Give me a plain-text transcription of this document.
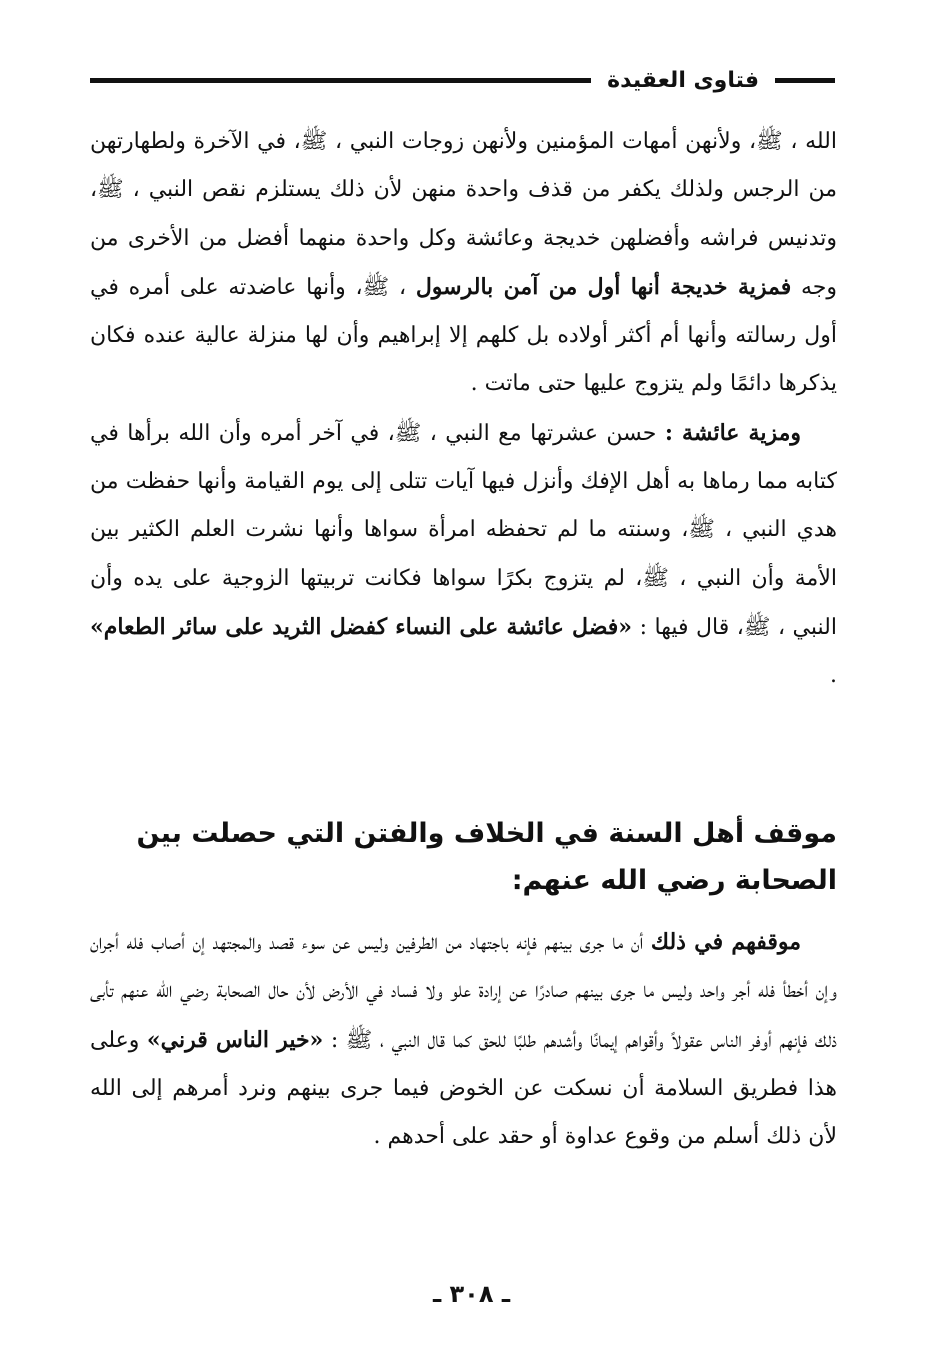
فتاوى العقيدة

الله ، ﷺ، ولأنهن أمهات المؤمنين ولأنهن زوجات النبي ، ﷺ، في الآخرة ولطهارتهن من الرجس ولذلك يكفر من قذف واحدة منهن لأن ذلك يستلزم نقص النبي ، ﷺ، وتدنيس فراشه وأفضلهن خديجة وعائشة وكل واحدة منهما أفضل من الأخرى من وجه فمزية خديجة أنها أول من آمن بالرسول ، ﷺ، وأنها عاضدته على أمره في أول رسالته وأنها أم أكثر أولاده بل كلهم إلا إبراهيم وأن لها منزلة عالية عنده فكان يذكرها دائمًا ولم يتزوج عليها حتى ماتت .

ومزية عائشة : حسن عشرتها مع النبي ، ﷺ، في آخر أمره وأن الله برأها في كتابه مما رماها به أهل الإفك وأنزل فيها آيات تتلى إلى يوم القيامة وأنها حفظت من هدي النبي ، ﷺ، وسنته ما لم تحفظه امرأة سواها وأنها نشرت العلم الكثير بين الأمة وأن النبي ، ﷺ، لم يتزوج بكرًا سواها فكانت تربيتها الزوجية على يده وأن النبي ، ﷺ، قال فيها : «فضل عائشة على النساء كفضل الثريد على سائر الطعام» .

موقف أهل السنة في الخلاف والفتن التي حصلت بين الصحابة رضي الله عنهم:

موقفهم في ذلك أن ما جرى بينهم فإنه باجتهاد من الطرفين وليس عن سوء قصد والمجتهد إن أصاب فله أجران وإن أخطأ فله أجر واحد وليس ما جرى بينهم صادرًا عن إرادة علو ولا فساد في الأرض لأن حال الصحابة رضي الله عنهم تأبى ذلك فإنهم أوفر الناس عقولاً وأقواهم إيمانًا وأشدهم طلبًا للحق كما قال النبي ، ﷺ : «خير الناس قرني» وعلى هذا فطريق السلامة أن نسكت عن الخوض فيما جرى بينهم ونرد أمرهم إلى الله لأن ذلك أسلم من وقوع عداوة أو حقد على أحدهم .

ـ ٣٠٨ ـ
